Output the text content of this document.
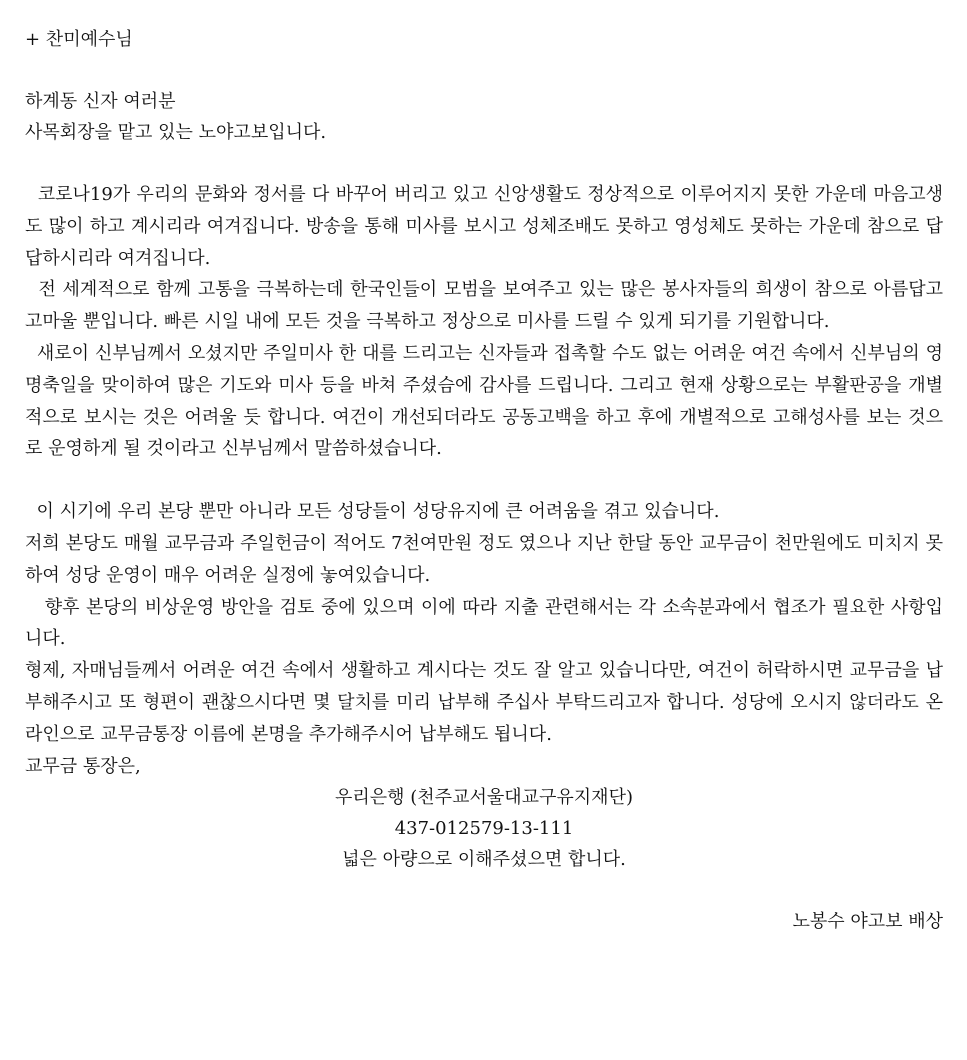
+ 찬미예수님
하계동 신자 여러분
사목회장을 맡고 있는 노야고보입니다.
코로나19가 우리의 문화와 정서를 다 바꾸어 버리고 있고 신앙생활도 정상적으로 이루어지지 못한 가운데 마음고생도 많이 하고 계시리라 여겨집니다. 방송을 통해 미사를 보시고 성체조배도 못하고 영성체도 못하는 가운데 참으로 답답하시리라 여겨집니다.
전 세계적으로 함께 고통을 극복하는데 한국인들이 모범을 보여주고 있는 많은 봉사자들의 희생이 참으로 아름답고 고마울 뿐입니다. 빠른 시일 내에 모든 것을 극복하고 정상으로 미사를 드릴 수 있게 되기를 기원합니다.
새로이 신부님께서 오셨지만 주일미사 한 대를 드리고는 신자들과 접촉할 수도 없는 어려운 여건 속에서 신부님의 영명축일을 맞이하여 많은 기도와 미사 등을 바쳐 주셨슴에 감사를 드립니다. 그리고 현재 상황으로는 부활판공을 개별적으로 보시는 것은 어려울 듯 합니다. 여건이 개선되더라도 공동고백을 하고 후에 개별적으로 고해성사를 보는 것으로 운영하게 될 것이라고 신부님께서 말씀하셨습니다.
이 시기에 우리 본당 뿐만 아니라 모든 성당들이 성당유지에 큰 어려움을 겪고 있습니다.
저희 본당도 매월 교무금과 주일헌금이 적어도 7천여만원 정도 였으나 지난 한달 동안 교무금이 천만원에도 미치지 못하여 성당 운영이 매우 어려운 실정에 놓여있습니다.
향후 본당의 비상운영 방안을 검토 중에 있으며 이에 따라 지출 관련해서는 각 소속분과에서 협조가 필요한 사항입니다.
형제, 자매님들께서 어려운 여건 속에서 생활하고 계시다는 것도 잘 알고 있습니다만, 여건이 허락하시면 교무금을 납부해주시고 또 형편이 괜찮으시다면 몇 달치를 미리 납부해 주십사 부탁드리고자 합니다. 성당에 오시지 않더라도 온라인으로 교무금통장 이름에 본명을 추가해주시어 납부해도 됩니다.
교무금 통장은,
우리은행 (천주교서울대교구유지재단)
437-012579-13-111
넓은 아량으로 이해주셨으면 합니다.
노봉수 야고보 배상
